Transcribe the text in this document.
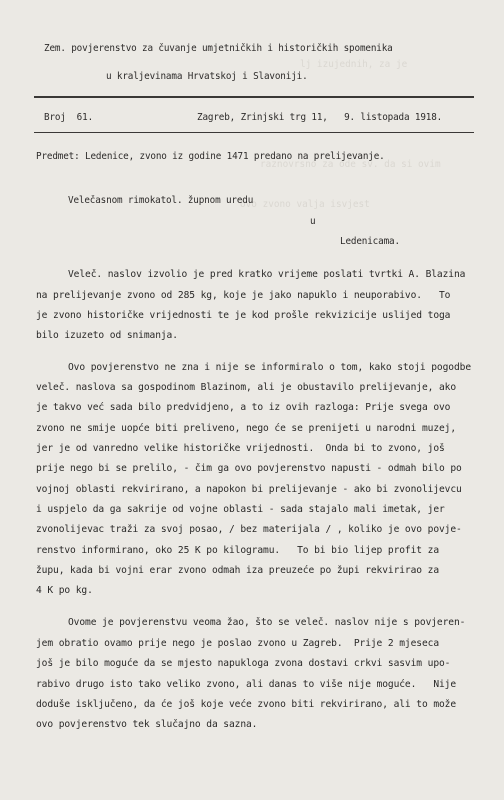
lj izujednih, za je
raznovrsno za ode sv. da si ovim
Ovo zvono valja isvjest
Zem. povjerenstvo za čuvanje umjetničkih i historičkih spomenika
u kraljevinama Hrvatskoj i Slavoniji.
Broj  61.	Zagreb, Zrinjski trg 11,   9. listopada 1918.
Predmet: Ledenice, zvono iz godine 1471 predano na prelijevanje.
Velečasnom rimokatol. župnom uredu
u
Ledenicama.
Veleč. naslov izvolio je pred kratko vrijeme poslati tvrtki A. Blazina
na prelijevanje zvono od 285 kg, koje je jako napuklo i neuporabivo.   To
je zvono historičke vrijednosti te je kod prošle rekvizicije uslijed toga
bilo izuzeto od snimanja.
Ovo povjerenstvo ne zna i nije se informiralo o tom, kako stoji pogodbe
veleč. naslova sa gospodinom Blazinom, ali je obustavilo prelijevanje, ako
je takvo već sada bilo predvidjeno, a to iz ovih razloga: Prije svega ovo
zvono ne smije uopće biti preliveno, nego će se prenijeti u narodni muzej,
jer je od vanredno velike historičke vrijednosti.  Onda bi to zvono, još
prije nego bi se prelilo, - čim ga ovo povjerenstvo napusti - odmah bilo po
vojnoj oblasti rekvirirano, a napokon bi prelijevanje - ako bi zvonolijevcu
i uspjelo da ga sakrije od vojne oblasti - sada stajalo mali imetak, jer
zvonolijevac traži za svoj posao, / bez materijala / , koliko je ovo povje-
renstvo informirano, oko 25 K po kilogramu.   To bi bio lijep profit za
župu, kada bi vojni erar zvono odmah iza preuzeće po župi rekvirirao za
4 K po kg.
Ovome je povjerenstvu veoma žao, što se veleč. naslov nije s povjeren-
jem obratio ovamo prije nego je poslao zvono u Zagreb.  Prije 2 mjeseca
još je bilo moguće da se mjesto napuklogа zvona dostavi crkvi sasvim upo-
rabivo drugo isto tako veliko zvono, ali danas to više nije moguće.   Nije
doduše isključeno, da će još koje veće zvono biti rekvirirano, ali to može
ovo povjerenstvo tek slučajno da sazna.
